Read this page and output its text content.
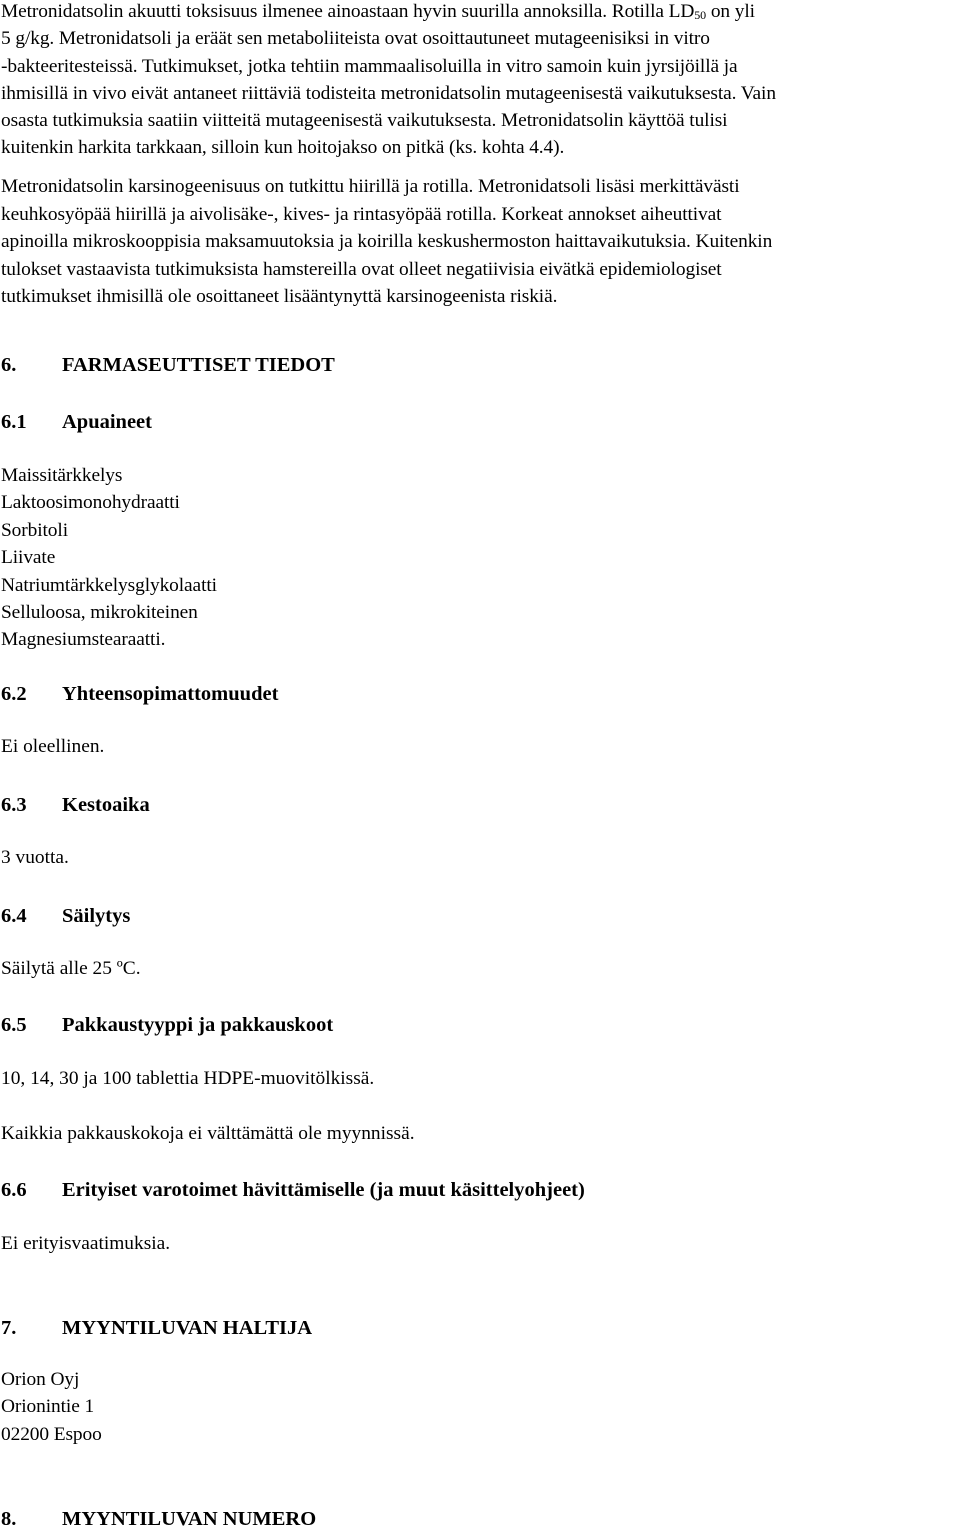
Metronidatsolin akuutti toksisuus ilmenee ainoastaan hyvin suurilla annoksilla. Rotilla $LD_{50}$ on yli
5 g/kg. Metronidatsoli ja eräät sen metaboliiteista ovat osoittautuneet mutageenisiksi in vitro
-bakteeritesteissä. Tutkimukset, jotka tehtiin mammaalisoluilla in vitro samoin kuin jyrsijöillä ja
ihmisillä in vivo eivät antaneet riittäviä todisteita metronidatsolin mutageenisestä vaikutuksesta. Vain
osasta tutkimuksia saatiin viitteitä mutageenisestä vaikutuksesta. Metronidatsolin käyttöä tulisi
kuitenkin harkita tarkkaan, silloin kun hoitojakso on pitkä (ks. kohta 4.4).
Metronidatsolin karsinogeenisuus on tutkittu hiirillä ja rotilla. Metronidatsoli lisäsi merkittävästi
keuhkosyöpää hiirillä ja aivolisäke-, kives- ja rintasyöpää rotilla. Korkeat annokset aiheuttivat
apinoilla mikroskooppisia maksamuutoksia ja koirilla keskushermoston haittavaikutuksia. Kuitenkin
tulokset vastaavista tutkimuksista hamstereilla ovat olleet negatiivisia eivätkä epidemiologiset
tutkimukset ihmisillä ole osoittaneet lisääntynyttä karsinogeenista riskiä.
6. FARMASEUTTISET TIEDOT
6.1 Apuaineet
Maissitärkkelys
Laktoosimonohydraatti
Sorbitoli
Liivate
Natriumtärkkelysglykolaatti
Selluloosa, mikrokiteinen
Magnesiumstearaatti.
6.2 Yhteensopimattomuudet
Ei oleellinen.
6.3 Kestoaika
3 vuotta.
6.4 Säilytys
Säilytä alle 25 ºC.
6.5 Pakkaustyyppi ja pakkauskoot
10, 14, 30 ja 100 tablettia HDPE-muovitölkissä.
Kaikkia pakkauskokoja ei välttämättä ole myynnissä.
6.6 Erityiset varotoimet hävittämiselle (ja muut käsittelyohjeet)
Ei erityisvaatimuksia.
7. MYYNTILUVAN HALTIJA
Orion Oyj
Orionintie 1
02200 Espoo
8. MYYNTILUVAN NUMERO
